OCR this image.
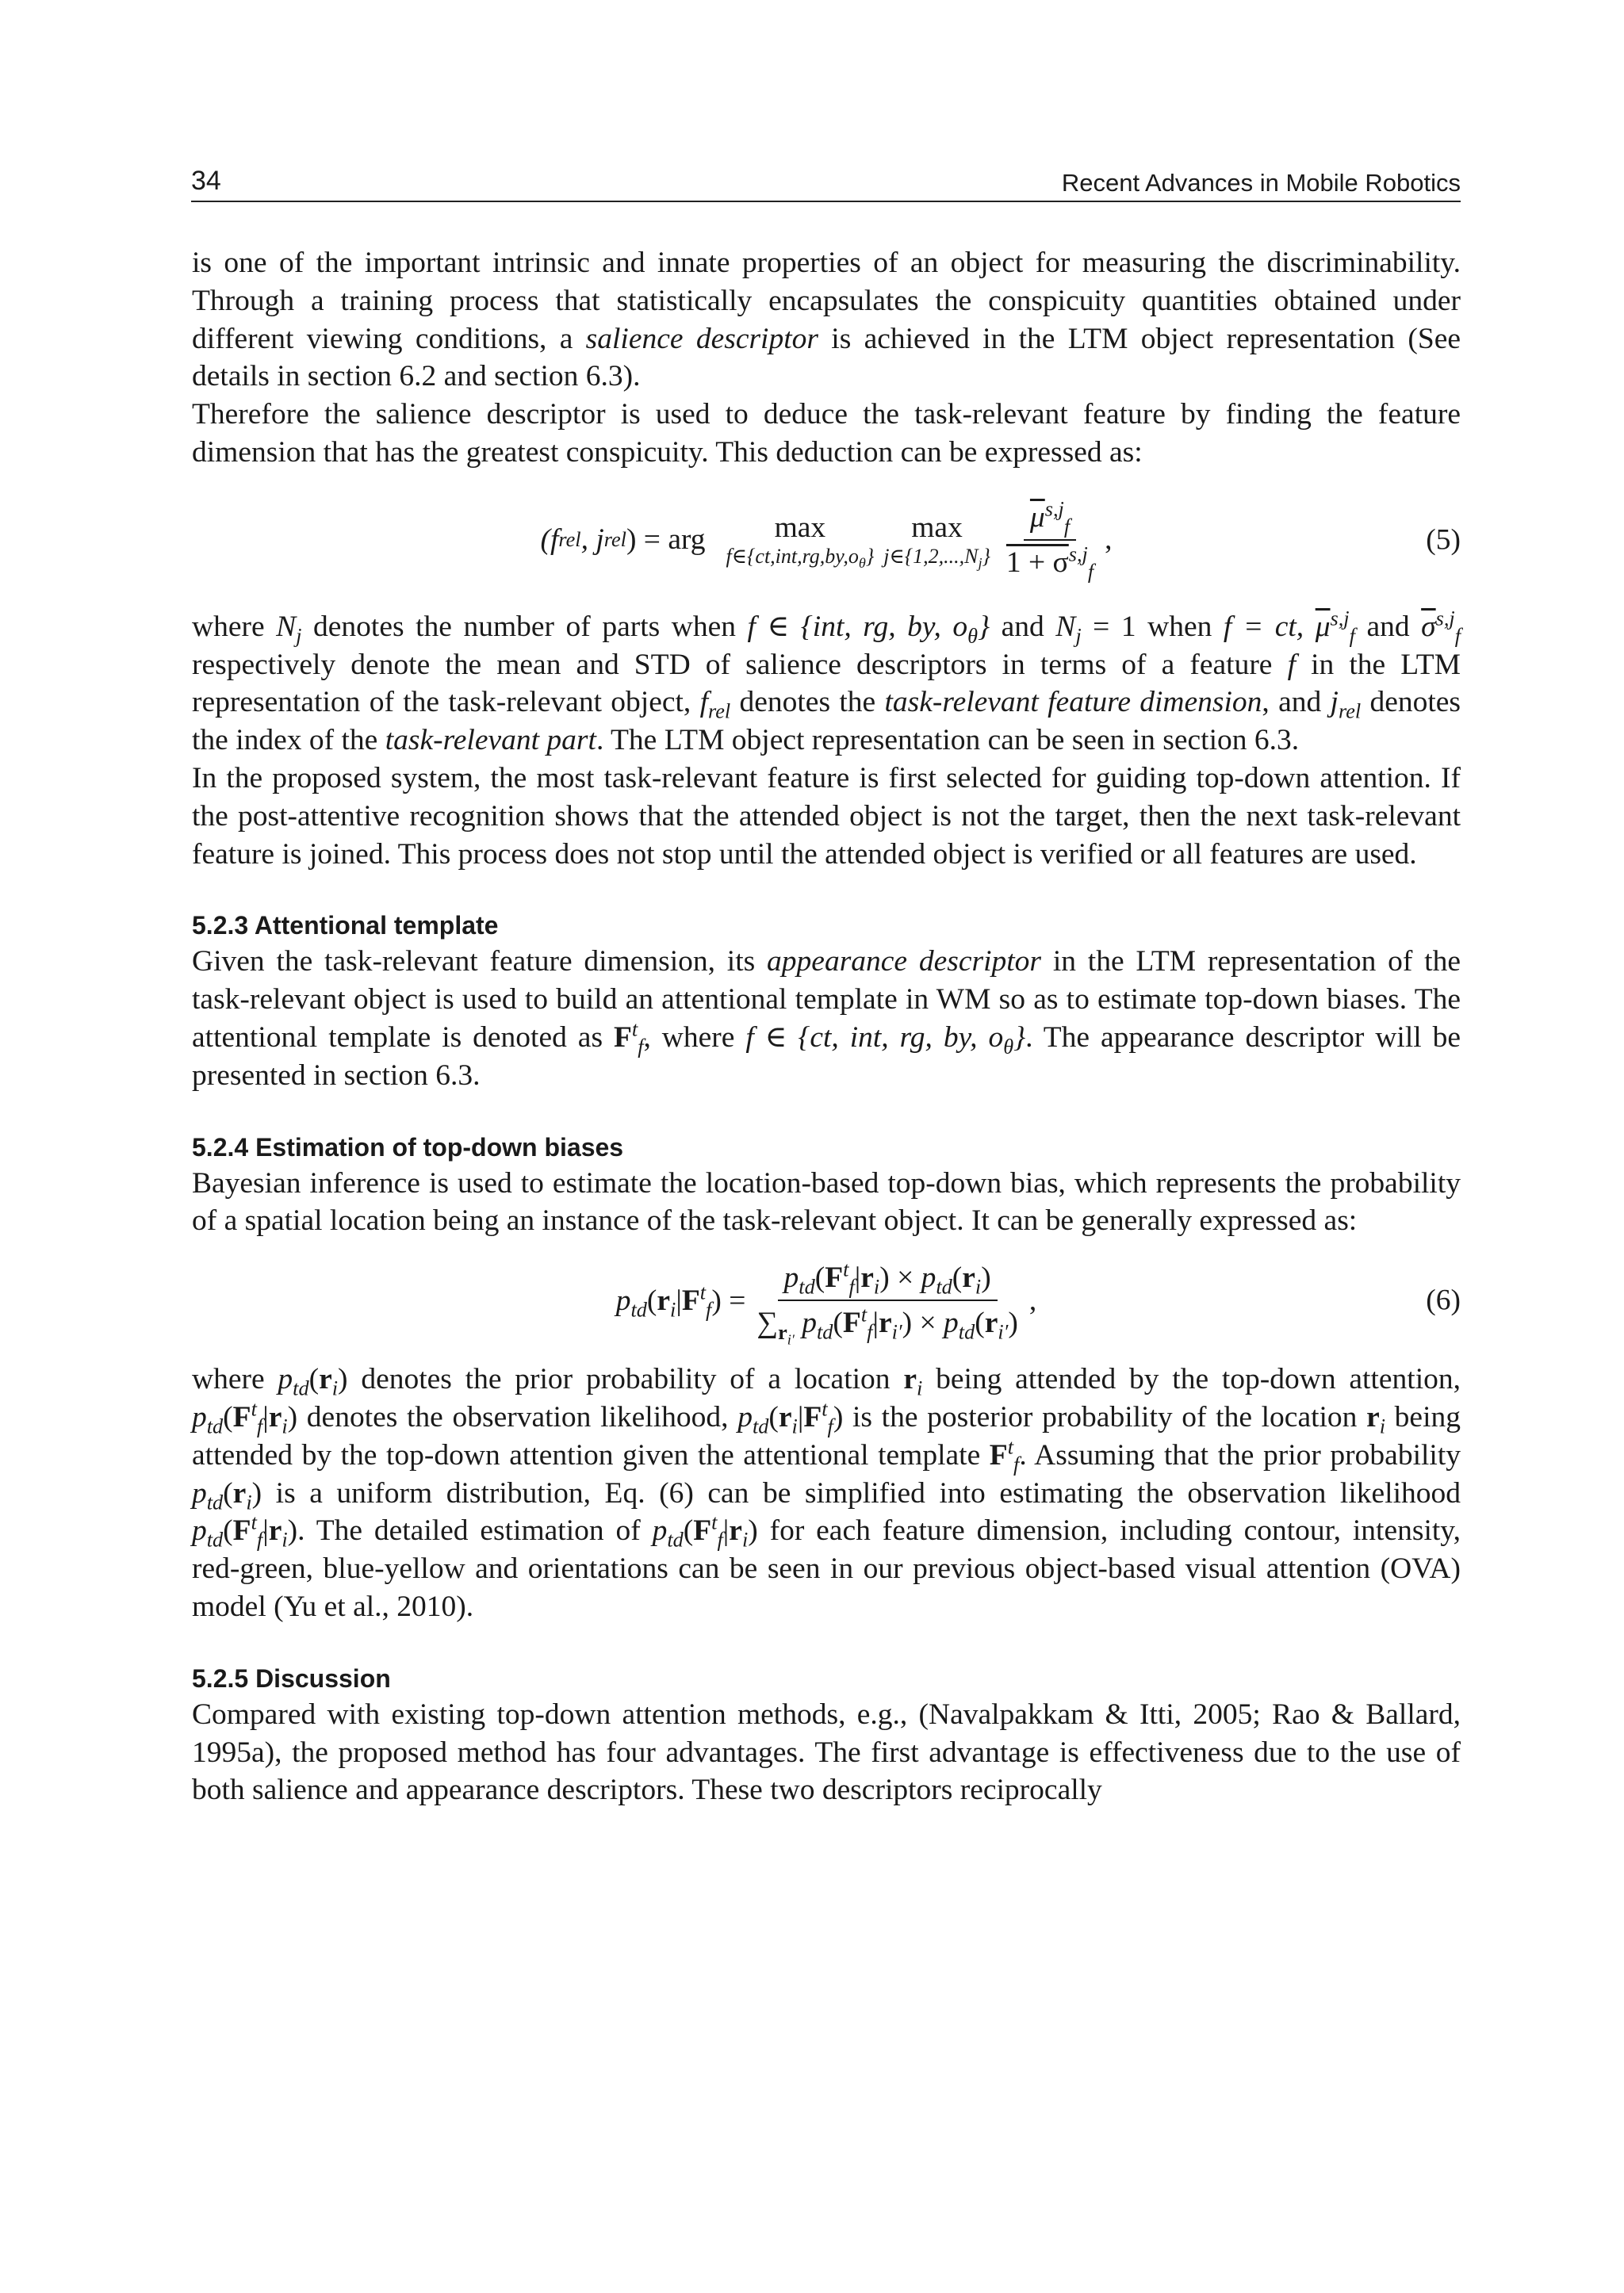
34	Recent Advances in Mobile Robotics

is one of the important intrinsic and innate properties of an object for measuring the discriminability. Through a training process that statistically encapsulates the conspicuity quantities obtained under different viewing conditions, a salience descriptor is achieved in the LTM object representation (See details in section 6.2 and section 6.3).

Therefore the salience descriptor is used to deduce the task-relevant feature by finding the feature dimension that has the greatest conspicuity. This deduction can be expressed as:

(f rel , j rel ) = arg max
$f\in\{ct,int,rg,by,o_\theta\}$
max
$j\in\{1,2,...,N_j\} \frac{\overline{\mu}^{s,j}_f}{1 + \sigma^{s,j}_f}$ ,	(5)

where $N_j$ denotes the number of parts when f ∈ {int, rg, by, $o_\theta$} and $N_j = 1$ when f = ct, $\overline{\mu}^{s,j}_f$ and $\overline{\sigma}^{s,j}_f$ respectively denote the mean and STD of salience descriptors in terms of a feature f in the LTM representation of the task-relevant object, $f_{rel}$ denotes the task-relevant feature dimension, and $j_{rel}$ denotes the index of the task-relevant part. The LTM object representation can be seen in section 6.3.

In the proposed system, the most task-relevant feature is first selected for guiding top-down attention. If the post-attentive recognition shows that the attended object is not the target, then the next task-relevant feature is joined. This process does not stop until the attended object is verified or all features are used.

5.2.3 Attentional template

Given the task-relevant feature dimension, its appearance descriptor in the LTM representation of the task-relevant object is used to build an attentional template in WM so as to estimate top-down biases. The attentional template is denoted as $F^t_f$, where f ∈ {ct, int, rg, by, $o_\theta$}. The appearance descriptor will be presented in section 6.3.

5.2.4 Estimation of top-down biases

Bayesian inference is used to estimate the location-based top-down bias, which represents the probability of a spatial location being an instance of the task-relevant object. It can be generally expressed as:

$p_{td}(r_i|F^t_f) = \frac{p_{td}(F^t_f|r_i) \times p_{td}(r_i)}{\sum_{r_{i'}} p_{td}(F^t_f|r_{i'}) \times p_{td}(r_{i'})}$ ,	(6)

where $p_{td}(r_i)$ denotes the prior probability of a location $r_i$ being attended by the top-down attention, $p_{td}(F^t_f|r_i)$ denotes the observation likelihood, $p_{td}(r_i|F^t_f)$ is the posterior probability of the location $r_i$ being attended by the top-down attention given the attentional template $F^t_f$. Assuming that the prior probability $p_{td}(r_i)$ is a uniform distribution, Eq. (6) can be simplified into estimating the observation likelihood $p_{td}(F^t_f|r_i)$. The detailed estimation of $p_{td}(F^t_f|r_i)$ for each feature dimension, including contour, intensity, red-green, blue-yellow and orientations can be seen in our previous object-based visual attention (OVA) model (Yu et al., 2010).

5.2.5 Discussion

Compared with existing top-down attention methods, e.g., (Navalpakkam & Itti, 2005; Rao & Ballard, 1995a), the proposed method has four advantages. The first advantage is effectiveness due to the use of both salience and appearance descriptors. These two descriptors reciprocally
